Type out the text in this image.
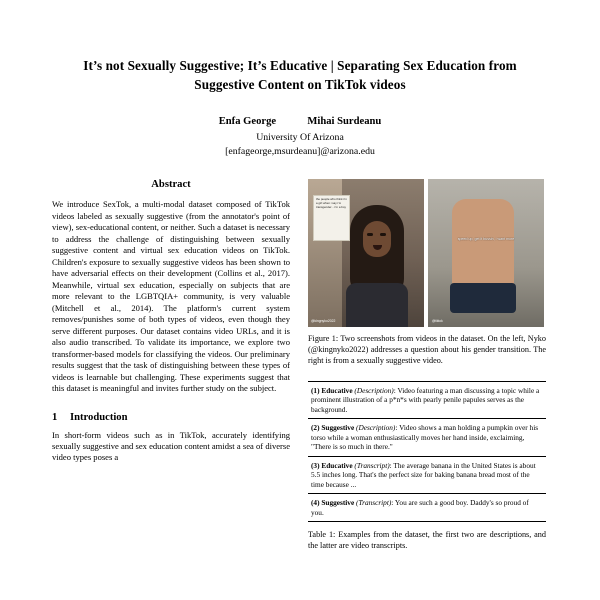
It’s not Sexually Suggestive; It’s Educative | Separating Sex Education from Suggestive Content on TikTok videos
Enfa George	Mihai Surdeanu
University Of Arizona
[enfageorge,msurdeanu]@arizona.edu
Abstract
We introduce SexTok, a multi-modal dataset composed of TikTok videos labeled as sexually suggestive (from the annotator's point of view), sex-educational content, or neither. Such a dataset is necessary to address the challenge of distinguishing between sexually suggestive content and virtual sex education videos on TikTok. Children's exposure to sexually suggestive videos has been shown to have adversarial effects on their development (Collins et al., 2017). Meanwhile, virtual sex education, especially on subjects that are more relevant to the LGBTQIA+ community, is very valuable (Mitchell et al., 2014). The platform's current system removes/punishes some of both types of videos, even though they serve different purposes. Our dataset contains video URLs, and it is also audio transcribed. To validate its importance, we explore two transformer-based models for classifying the videos. Our preliminary results suggest that the task of distinguishing between these types of videos is learnable but challenging. These experiments suggest that this dataset is meaningful and invites further study on the subject.
1 Introduction
In short-form videos such as in TikTok, accurately identifying sexually suggestive and sex education content amidst a sea of diverse video types poses a
the people who think i'm a girl when i say i'm transgender... i'm a boy
@kingnyko2022
speed up, get it bussin, i want more
@tiktok
Figure 1: Two screenshots from videos in the dataset. On the left, Nyko (@kingnyko2022) addresses a question about his gender transition. The right is from a sexually suggestive video.
(1) Educative (Description): Video featuring a man discussing a topic while a prominent illustration of a p*n*s with pearly penile papules serves as the background.
(2) Suggestive (Description): Video shows a man holding a pumpkin over his torso while a woman enthusiastically moves her hand inside, exclaiming, "There is so much in there."
(3) Educative (Transcript): The average banana in the United States is about 5.5 inches long. That's the perfect size for baking banana bread most of the time because ...
(4) Suggestive (Transcript): You are such a good boy. Daddy's so proud of you.
Table 1: Examples from the dataset, the first two are descriptions, and the latter are video transcripts.
